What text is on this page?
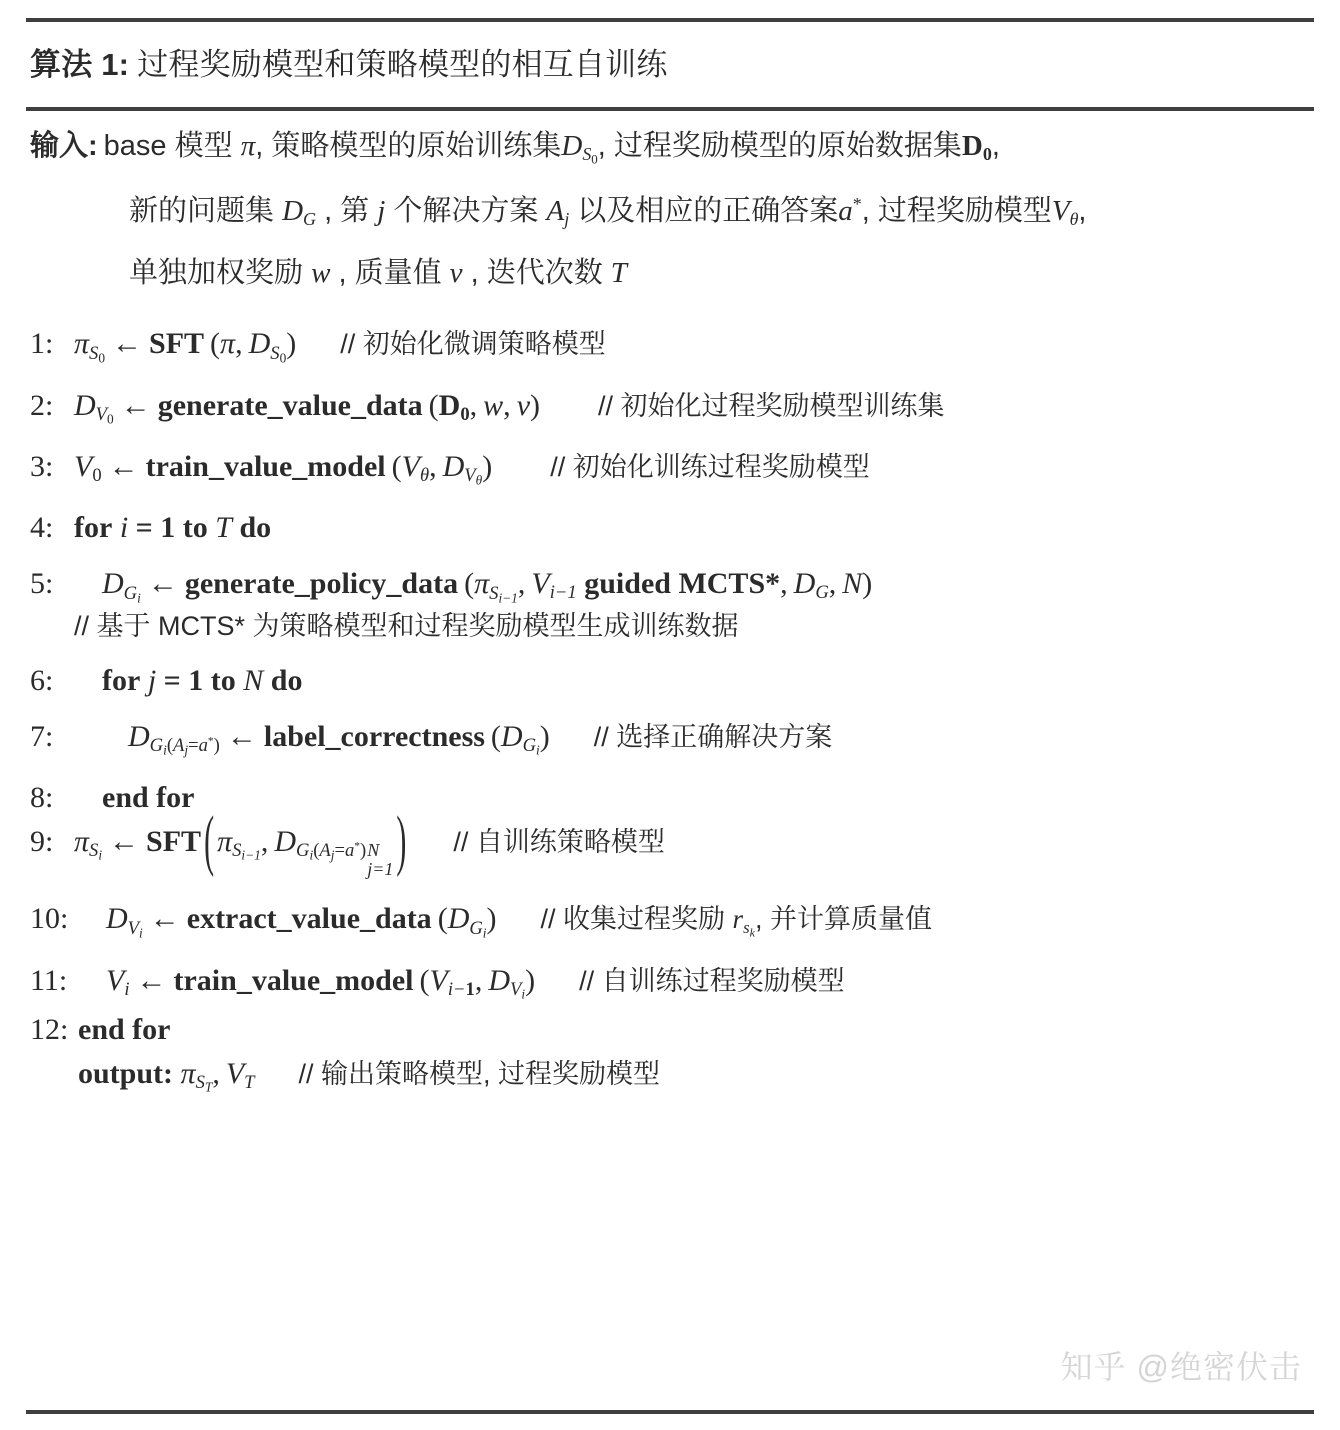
算法 1: 过程奖励模型和策略模型的相互自训练
输入: base 模型 π, 策略模型的原始训练集$D_{S_0}$, 过程奖励模型的原始数据集$D_0$,
新的问题集 $D_G$ , 第 j 个解决方案 $A_j$ 以及相应的正确答案a*, 过程奖励模型$V_\theta$,
单独加权奖励 w , 质量值 v , 迭代次数 T
1: $\pi_{S_0}$ ← SFT (π, $D_{S_0}$) // 初始化微调策略模型
2: $D_{V_0}$ ← generate_value_data ($D_0$, w, v) // 初始化过程奖励模型训练集
3: $V_0$ ← train_value_model ($V_\theta$, $D_{V_\theta}$) // 初始化训练过程奖励模型
4: for i = 1 to T do
5:	$D_{G_i}$ ← generate_policy_data ($\pi_{S_{i-1}}$, $V_{i-1}$ guided MCTS*, $D_G$, N)
// 基于 MCTS* 为策略模型和过程奖励模型生成训练数据
6:	for j = 1 to N do
7:	$D_{G_i(A_j=a^*)}$ ← label_correctness $(D_{G_i})$ // 选择正确解决方案
8:	end for
9: $\pi_{S_i}$ ← SFT ( $\pi_{S_{i-1}}$, $D_{G_i(A_j=a^*)}$ N
j=1 ) // 自训练策略模型
10:	$D_{V_i}$ ← extract_value_data $(D_{G_i})$ // 收集过程奖励 $r_{s_k}$, 并计算质量值
11:	$V_i$ ← train_value_model ($V_{i-1}$, $D_{V_i}$) // 自训练过程奖励模型
12: end for
output: $\pi_{S_T}$, $V_T$ // 输出策略模型, 过程奖励模型
知乎 @绝密伏击
